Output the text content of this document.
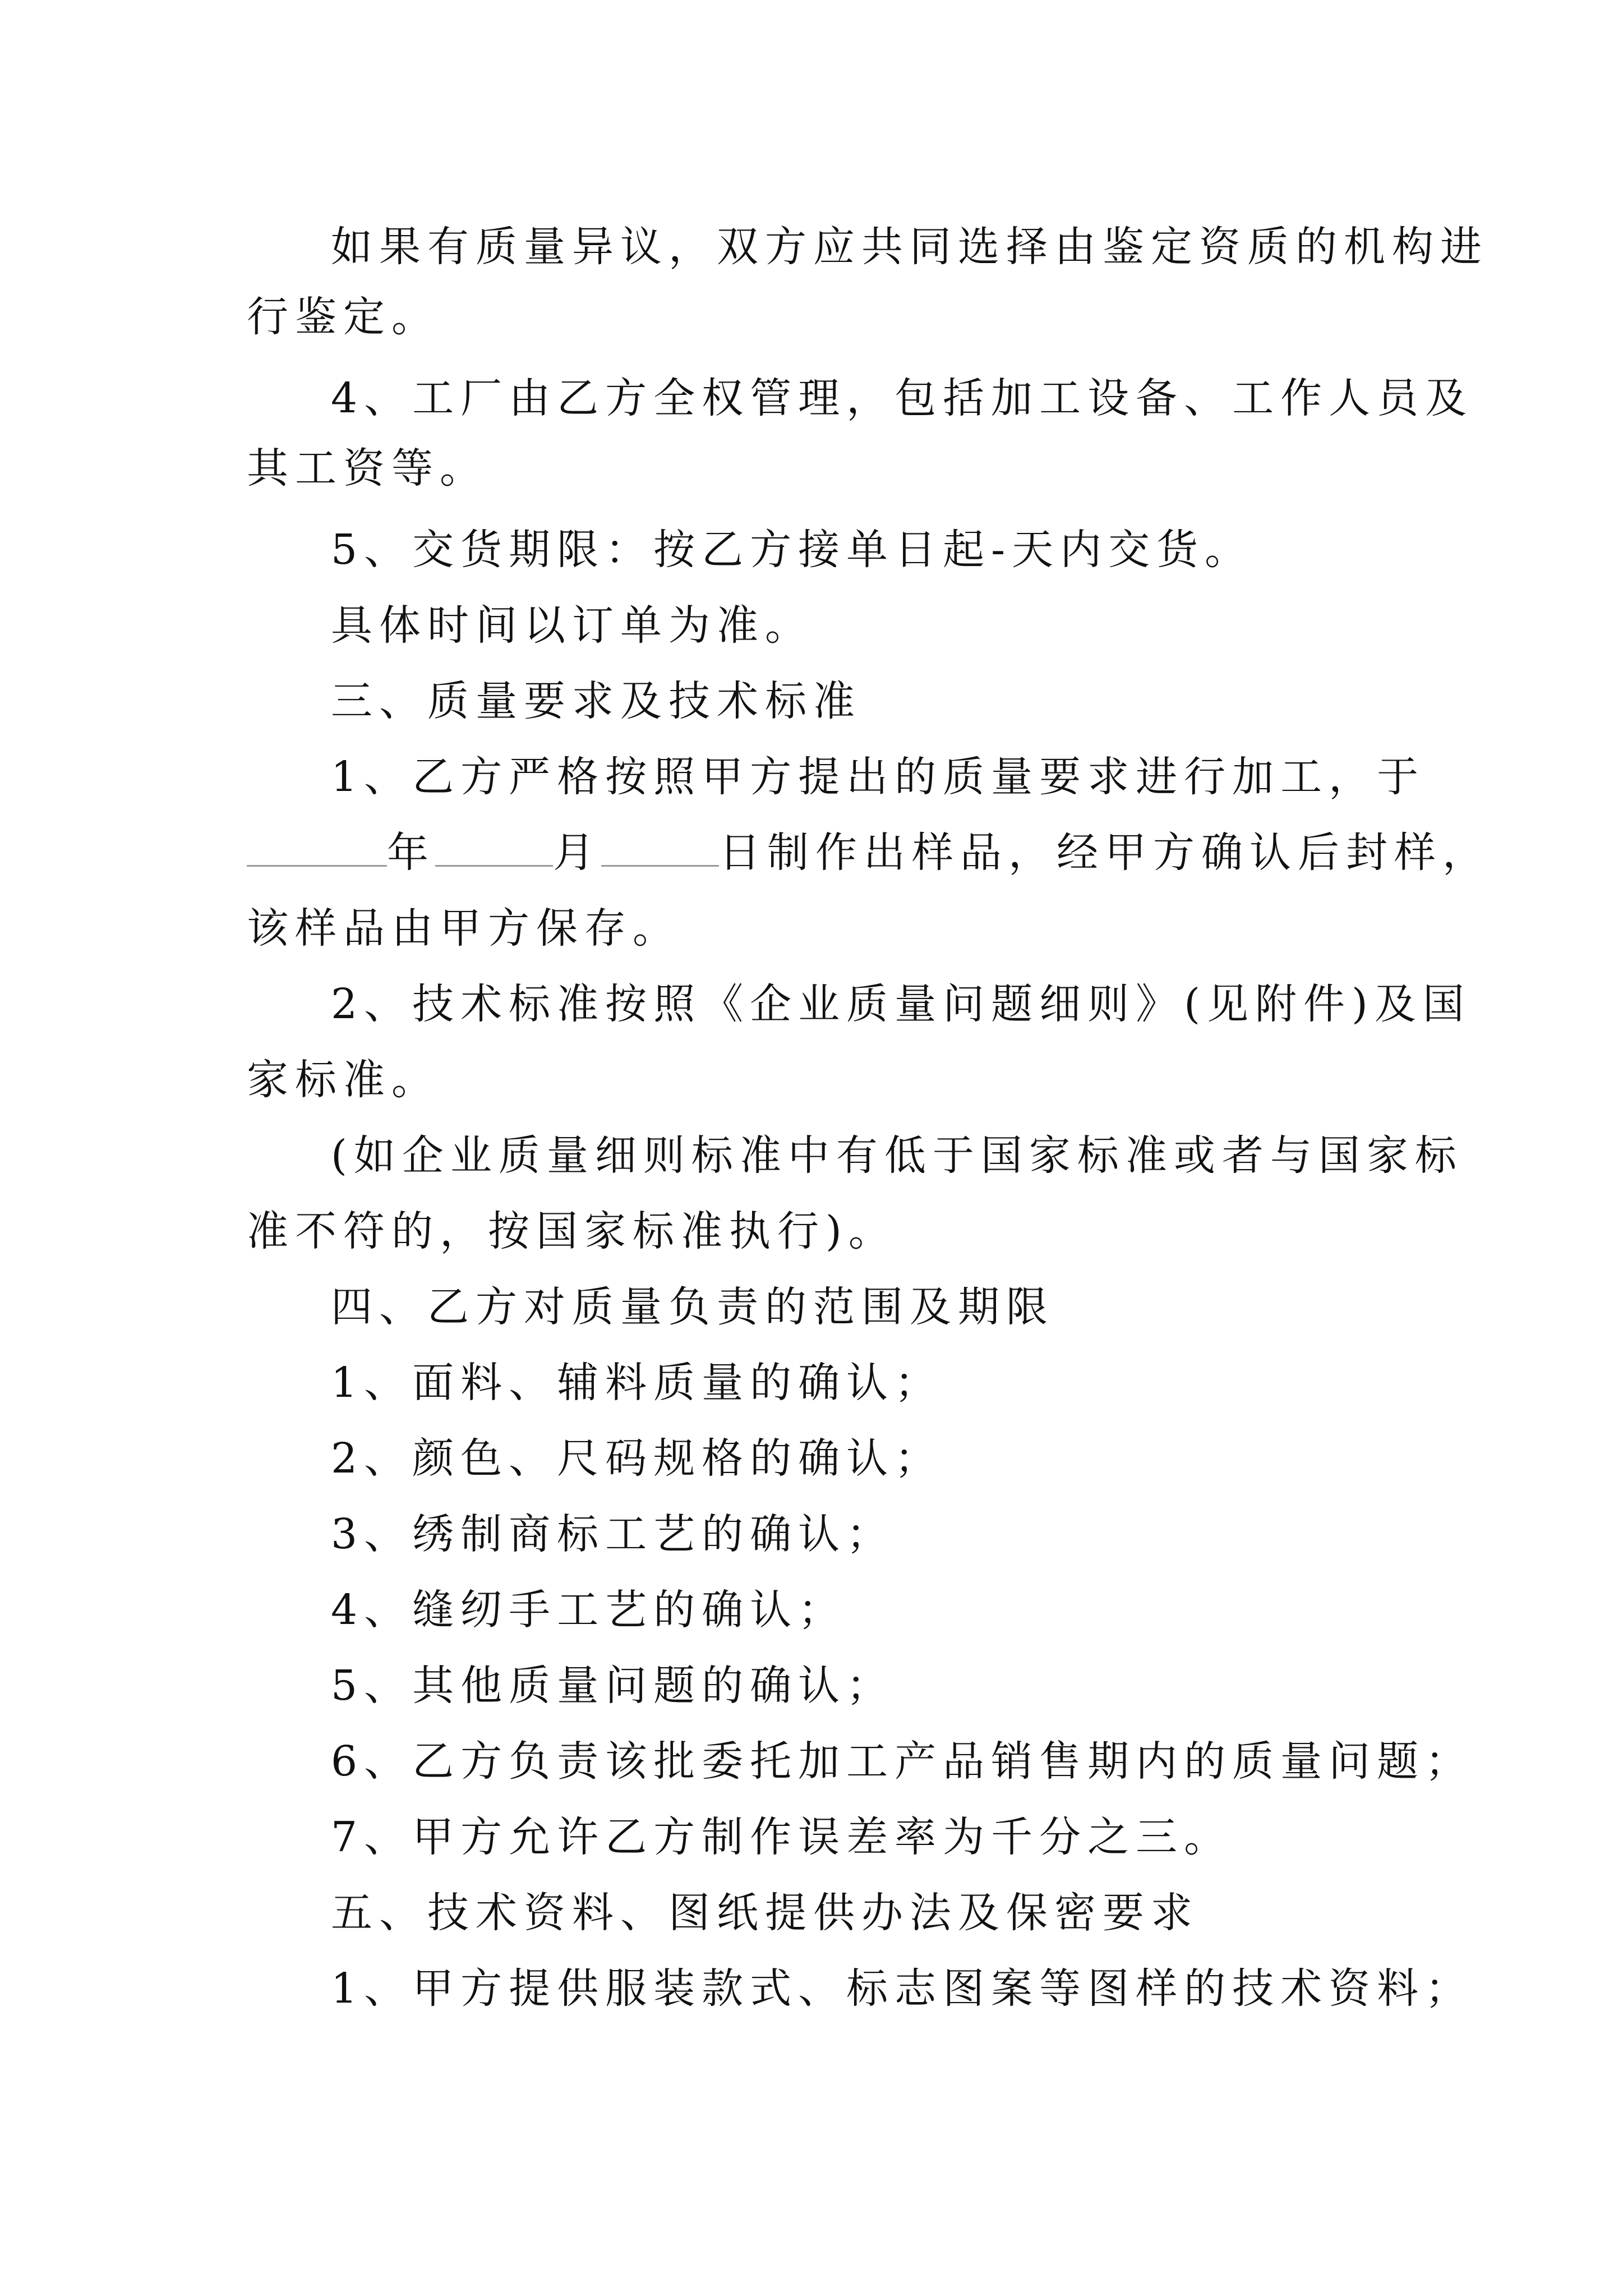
如果有质量异议，双方应共同选择由鉴定资质的机构进
行鉴定。
4、工厂由乙方全权管理，包括加工设备、工作人员及
其工资等。
5、交货期限：按乙方接单日起-天内交货。
具体时间以订单为准。
三、质量要求及技术标准
1、乙方严格按照甲方提出的质量要求进行加工，于
年	月	日制作出样品，经甲方确认后封样，
该样品由甲方保存。
2、技术标准按照《企业质量问题细则》(见附件)及国
家标准。
(如企业质量细则标准中有低于国家标准或者与国家标
准不符的，按国家标准执行)。
四、乙方对质量负责的范围及期限
1、面料、辅料质量的确认；
2、颜色、尺码规格的确认；
3、绣制商标工艺的确认；
4、缝纫手工艺的确认；
5、其他质量问题的确认；
6、乙方负责该批委托加工产品销售期内的质量问题；
7、甲方允许乙方制作误差率为千分之三。
五、技术资料、图纸提供办法及保密要求
1、甲方提供服装款式、标志图案等图样的技术资料；
